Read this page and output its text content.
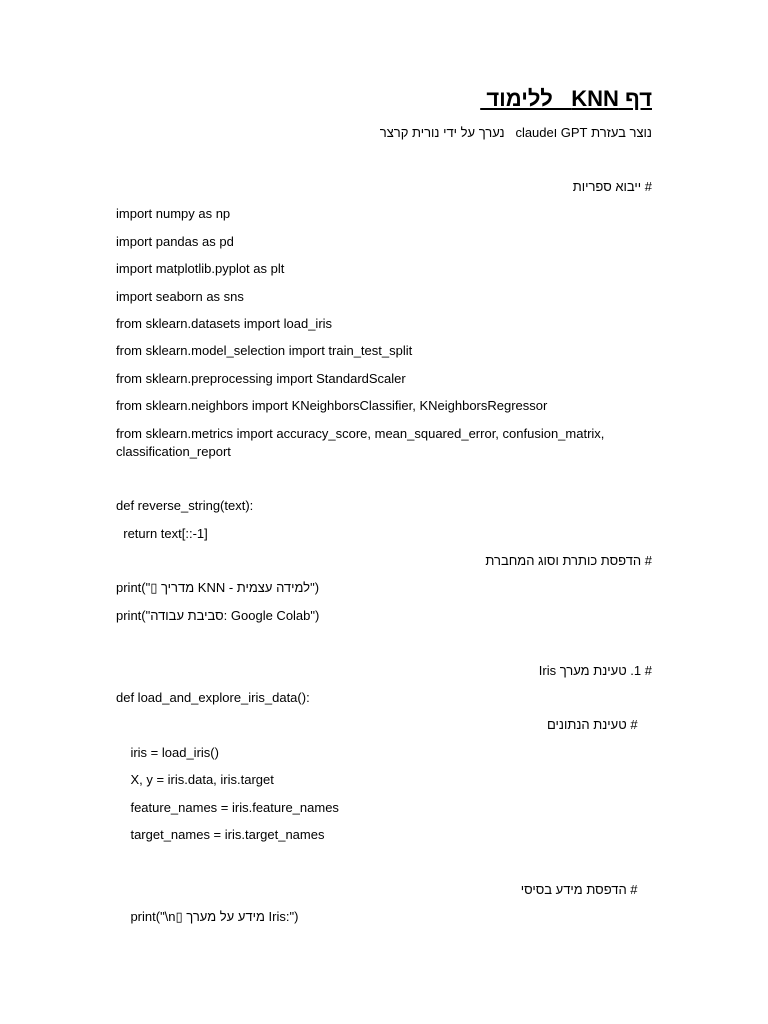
דף KNN   ללימוד
נוצר בעזרת GPT וclaude   נערך על ידי נורית קרצר
# ייבוא ספריות
import numpy as np
import pandas as pd
import matplotlib.pyplot as plt
import seaborn as sns
from sklearn.datasets import load_iris
from sklearn.model_selection import train_test_split
from sklearn.preprocessing import StandardScaler
from sklearn.neighbors import KNeighborsClassifier, KNeighborsRegressor
from sklearn.metrics import accuracy_score, mean_squared_error, confusion_matrix, classification_report
def reverse_string(text):
return text[::-1]
# הדפסת כותרת וסוג המחברת
print("▯ מדריך KNN - למידה עצמית")
print("סביבת עבודה: Google Colab")
# 1. טעינת מערך Iris
def load_and_explore_iris_data():
# טעינת הנתונים
iris = load_iris()
X, y = iris.data, iris.target
feature_names = iris.feature_names
target_names = iris.target_names
# הדפסת מידע בסיסי
print("\n▯ מידע על מערך Iris:")
